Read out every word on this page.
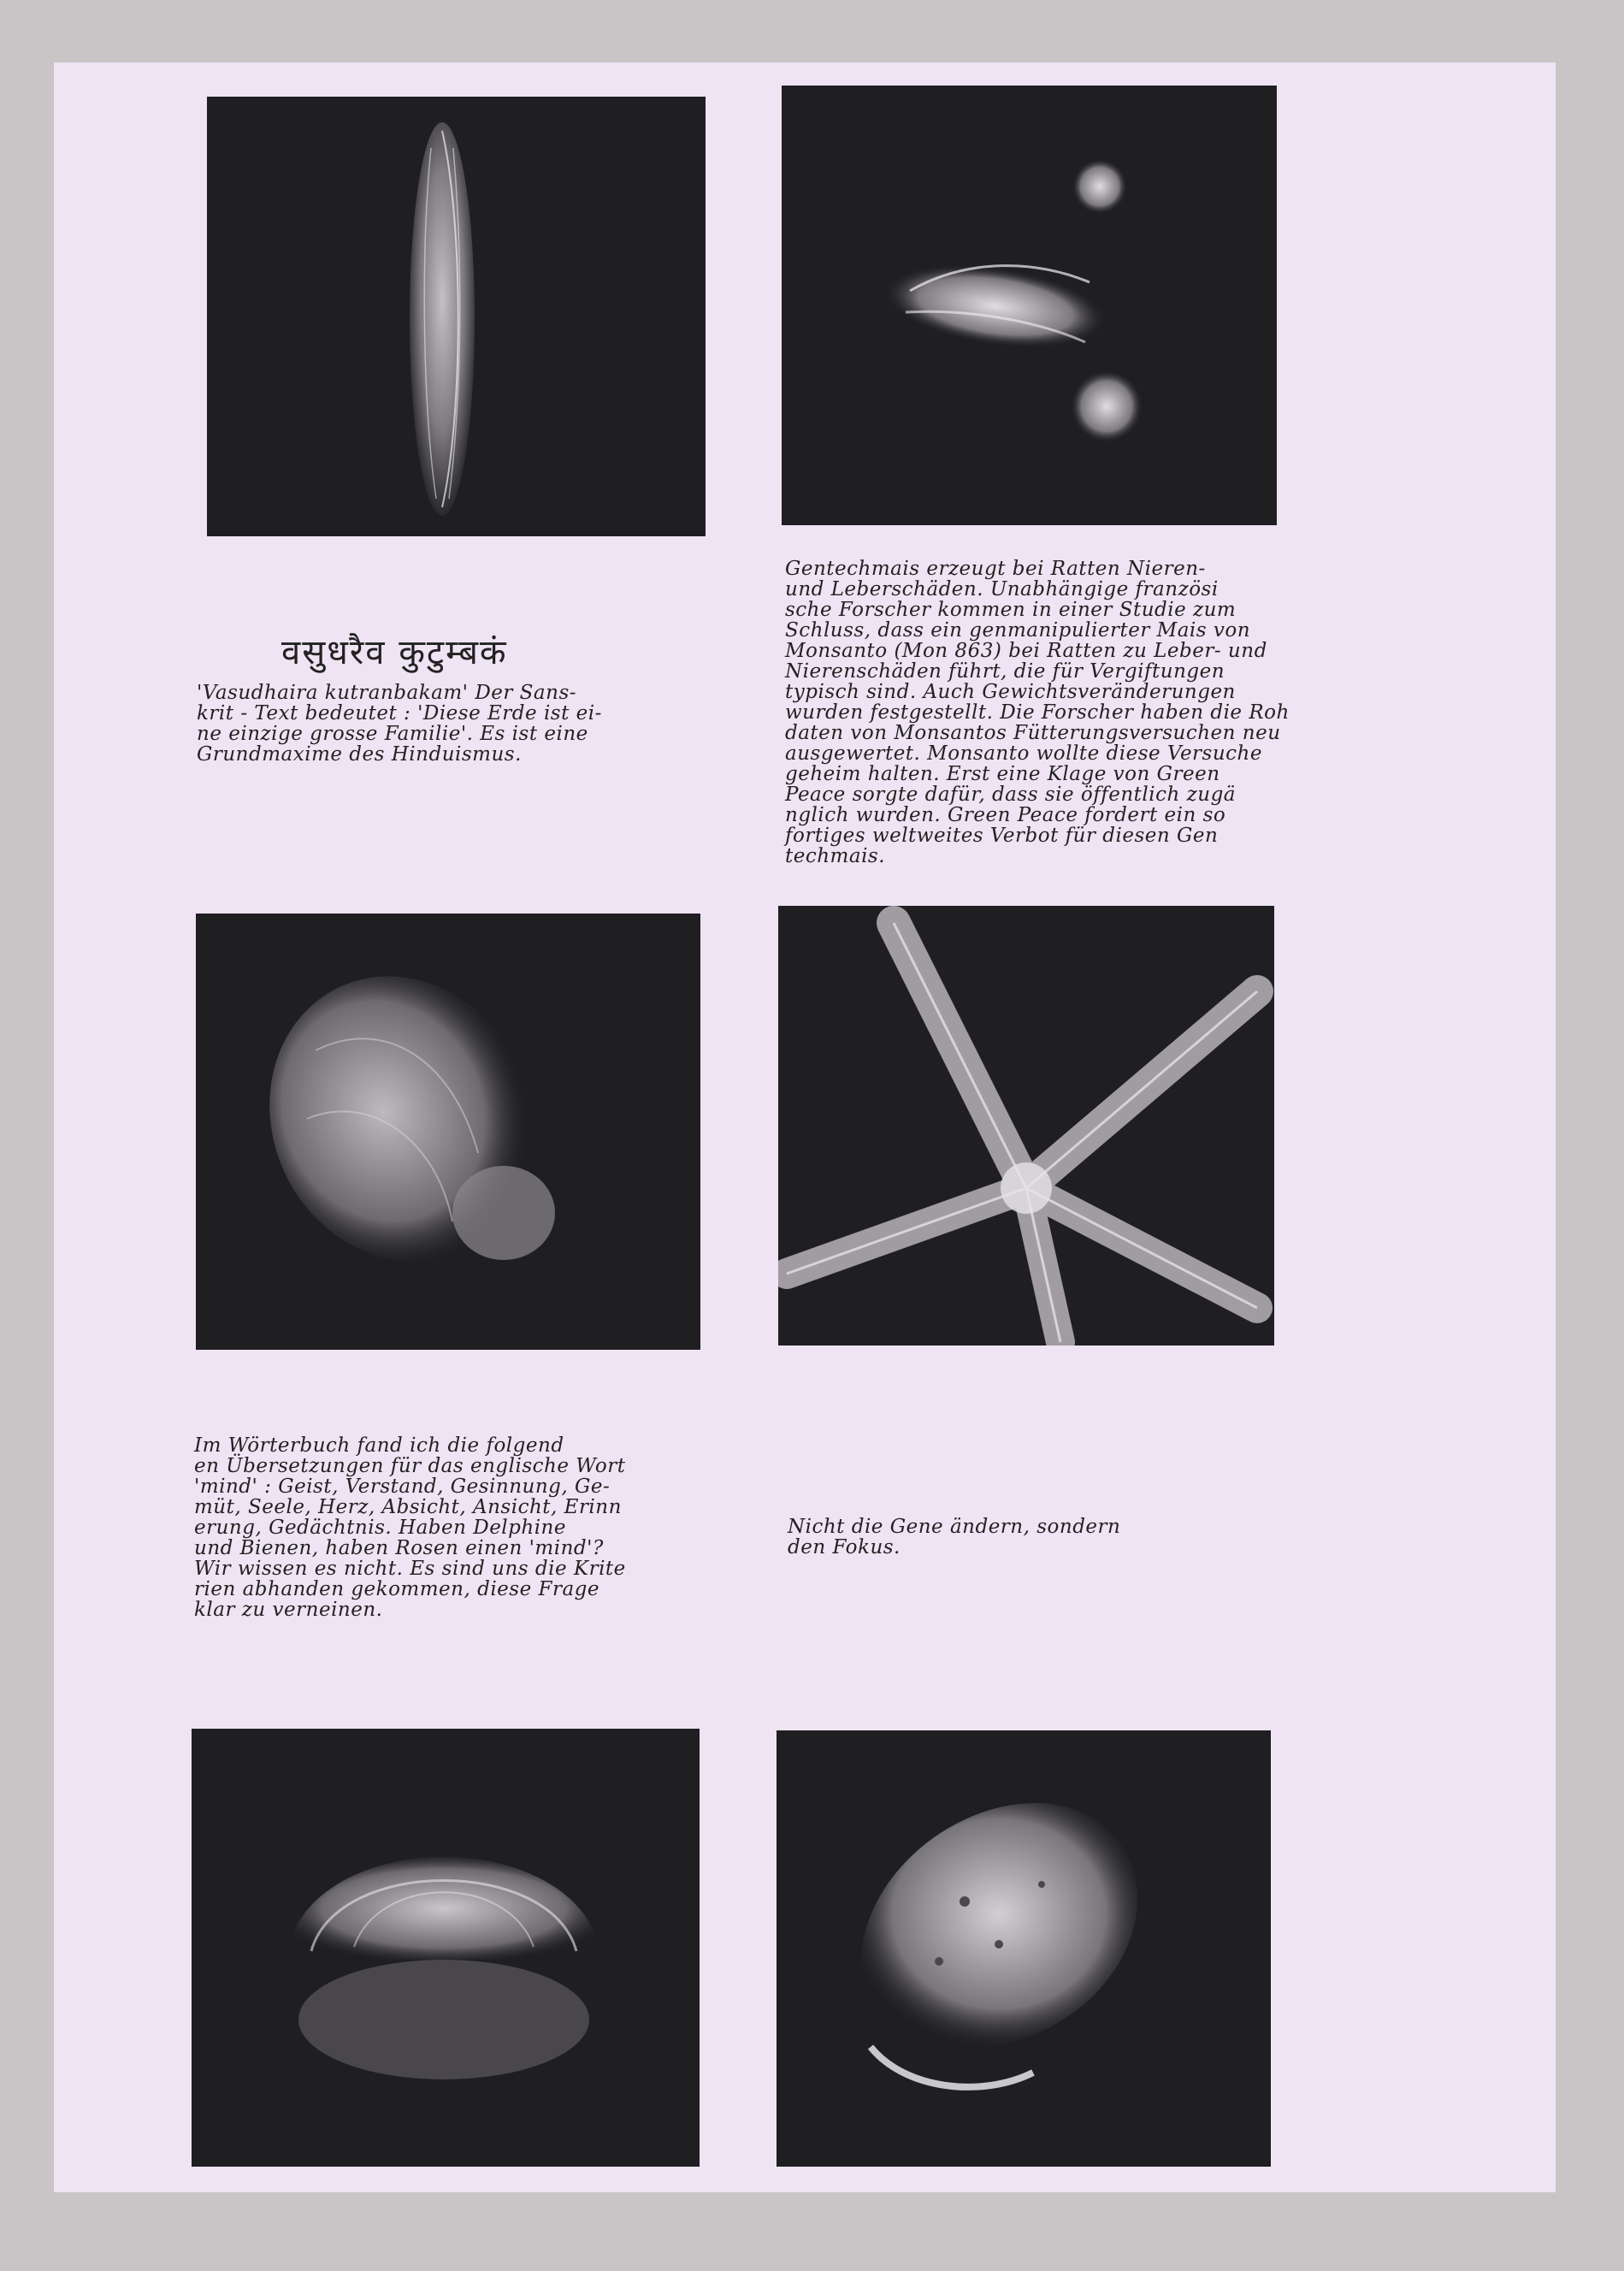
वसुधरैव कुटुम्बकं
'Vasudhaira kutranbakam' Der Sans-
krit - Text bedeutet : 'Diese Erde ist ei-
ne einzige grosse Familie'. Es ist eine
Grundmaxime des Hinduismus.
Gentechmais erzeugt bei Ratten Nieren-
und Leberschäden. Unabhängige französi
sche Forscher kommen in einer Studie zum
Schluss, dass ein genmanipulierter Mais von
Monsanto (Mon 863) bei Ratten zu Leber- und
Nierenschäden führt, die für Vergiftungen
typisch sind. Auch Gewichtsveränderungen
wurden festgestellt. Die Forscher haben die Roh
daten von Monsantos Fütterungsversuchen neu
ausgewertet. Monsanto wollte diese Versuche
geheim halten. Erst eine Klage von Green
Peace sorgte dafür, dass sie öffentlich zugä
nglich wurden. Green Peace fordert ein so
fortiges weltweites Verbot für diesen Gen
techmais.
Im Wörterbuch fand ich die folgend
en Übersetzungen für das englische Wort
'mind' : Geist, Verstand, Gesinnung, Ge-
müt, Seele, Herz, Absicht, Ansicht, Erinn
erung, Gedächtnis. Haben Delphine
und Bienen, haben Rosen einen 'mind'?
Wir wissen es nicht. Es sind uns die Krite
rien abhanden gekommen, diese Frage
klar zu verneinen.
Nicht die Gene ändern, sondern
den Fokus.
